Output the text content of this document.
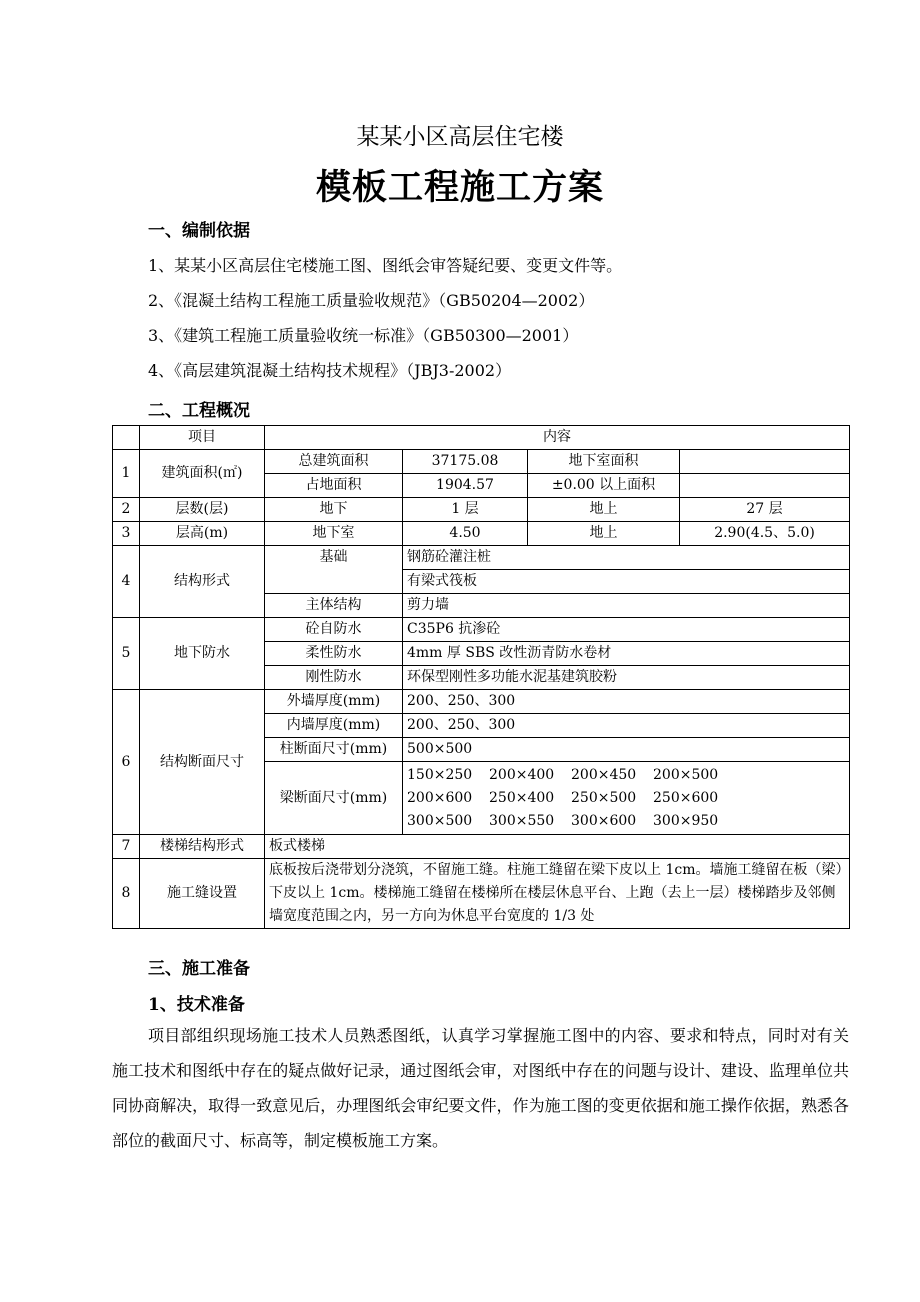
某某小区高层住宅楼
模板工程施工方案
一、编制依据
1、某某小区高层住宅楼施工图、图纸会审答疑纪要、变更文件等。
2、《混凝土结构工程施工质量验收规范》（GB50204—2002）
3、《建筑工程施工质量验收统一标准》（GB50300—2001）
4、《高层建筑混凝土结构技术规程》（JBJ3-2002）
二、工程概况
	项目	内容			
1	建筑面积(㎡)	总建筑面积	37175.08	地下室面积	
		占地面积	1904.57	±0.00 以上面积	
2	层数(层)	地下	1 层	地上	27 层
3	层高(m)	地下室	4.50	地上	2.90(4.5、5.0)
4	结构形式	基础	钢筋砼灌注桩		
			有梁式筏板		
		主体结构	剪力墙		
5	地下防水	砼自防水	C35P6 抗渗砼		
		柔性防水	4mm 厚 SBS 改性沥青防水卷材		
		刚性防水	环保型刚性多功能水泥基建筑胶粉		
6	结构断面尺寸	外墙厚度(mm)	200、250、300		
		内墙厚度(mm)	200、250、300		
		柱断面尺寸(mm)	500×500		
		梁断面尺寸(mm)	150×250 200×400 200×450 200×500
200×600 250×400 250×500 250×600
300×500 300×550 300×600 300×950		

7	楼梯结构形式	板式楼梯			
8	施工缝设置	底板按后浇带划分浇筑，不留施工缝。柱施工缝留在梁下皮以上 1cm。墙施工缝留在板（梁）下皮以上 1cm。楼梯施工缝留在楼梯所在楼层休息平台、上跑（去上一层）楼梯踏步及邻侧墙宽度范围之内，另一方向为休息平台宽度的 1/3 处			
三、施工准备
1、技术准备
项目部组织现场施工技术人员熟悉图纸，认真学习掌握施工图中的内容、要求和特点，同时对有关施工技术和图纸中存在的疑点做好记录，通过图纸会审，对图纸中存在的问题与设计、建设、监理单位共同协商解决，取得一致意见后，办理图纸会审纪要文件，作为施工图的变更依据和施工操作依据，熟悉各部位的截面尺寸、标高等，制定模板施工方案。
